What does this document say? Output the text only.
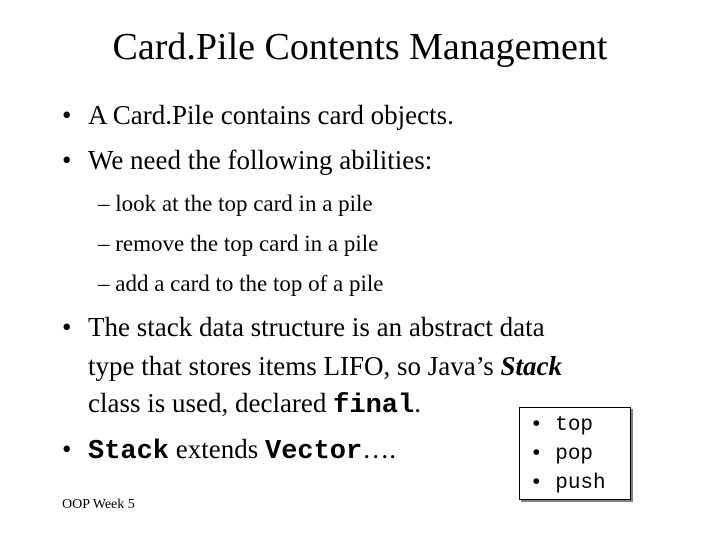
Card.Pile Contents Management
• A Card.Pile contains card objects.
• We need the following abilities:
– look at the top card in a pile
– remove the top card in a pile
– add a card to the top of a pile
• The stack data structure is an abstract data
type that stores items LIFO, so Java’s Stack
class is used, declared final.
• Stack extends Vector….
• top
• pop
• push
OOP Week 5
